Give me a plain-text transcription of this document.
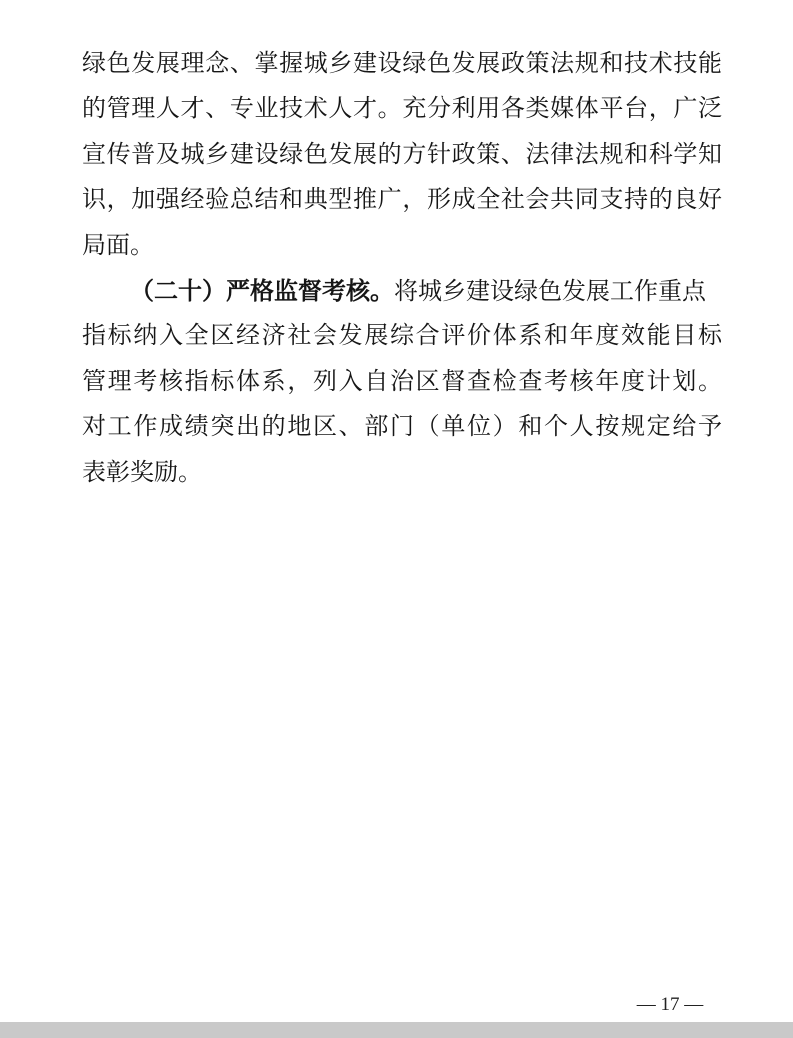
绿色发展理念、掌握城乡建设绿色发展政策法规和技术技能
的管理人才、专业技术人才。充分利用各类媒体平台，广泛
宣传普及城乡建设绿色发展的方针政策、法律法规和科学知
识，加强经验总结和典型推广，形成全社会共同支持的良好
局面。
（二十）严格监督考核。将城乡建设绿色发展工作重点
指标纳入全区经济社会发展综合评价体系和年度效能目标
管理考核指标体系，列入自治区督查检查考核年度计划。
对工作成绩突出的地区、部门（单位）和个人按规定给予
表彰奖励。
— 17 —
